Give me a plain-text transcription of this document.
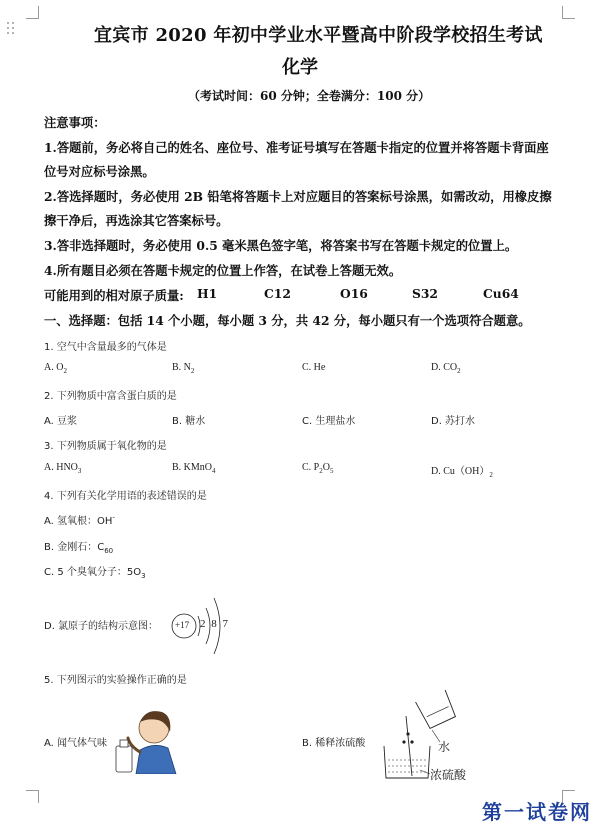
宜宾市 2020 年初中学业水平暨高中阶段学校招生考试
化学
（考试时间：60 分钟；全卷满分：100 分）
注意事项：
1.答题前，务必将自己的姓名、座位号、准考证号填写在答题卡指定的位置并将答题卡背面座
位号对应标号涂黑。
2.答选择题时，务必使用 2B 铅笔将答题卡上对应题目的答案标号涂黑，如需改动，用橡皮擦
擦干净后，再选涂其它答案标号。
3.答非选择题时，务必使用 0.5 毫米黑色签字笔，将答案书写在答题卡规定的位置上。
4.所有题目必须在答题卡规定的位置上作答，在试卷上答题无效。
可能用到的相对原子质量: H1	C12	O16	S32	Cu64
一、选择题：包括 14 个小题，每小题 3 分，共 42 分，每小题只有一个选项符合题意。
1. 空气中含量最多的气体是
A. $O_2$	B. $N_2$	C. He	D. $CO_2$
2. 下列物质中富含蛋白质的是
A. 豆浆	B. 糖水	C. 生理盐水	D. 苏打水
3. 下列物质属于氧化物的是
A. $HNO_3$	B. KMnO$_4$	C. $P_2O_5$	D. $Cu(OH)_2$
4. 下列有关化学用语的表述错误的是
A. 氢氧根：OH-
B. 金刚石：$C_{60}$
C. 5 个臭氧分子：$5O_3$
D. 氯原子的结构示意图： +17 2 8 7
5. 下列图示的实验操作正确的是
A. 闻气体气味	B. 稀释浓硫酸	水
浓硫酸
第一试卷网
